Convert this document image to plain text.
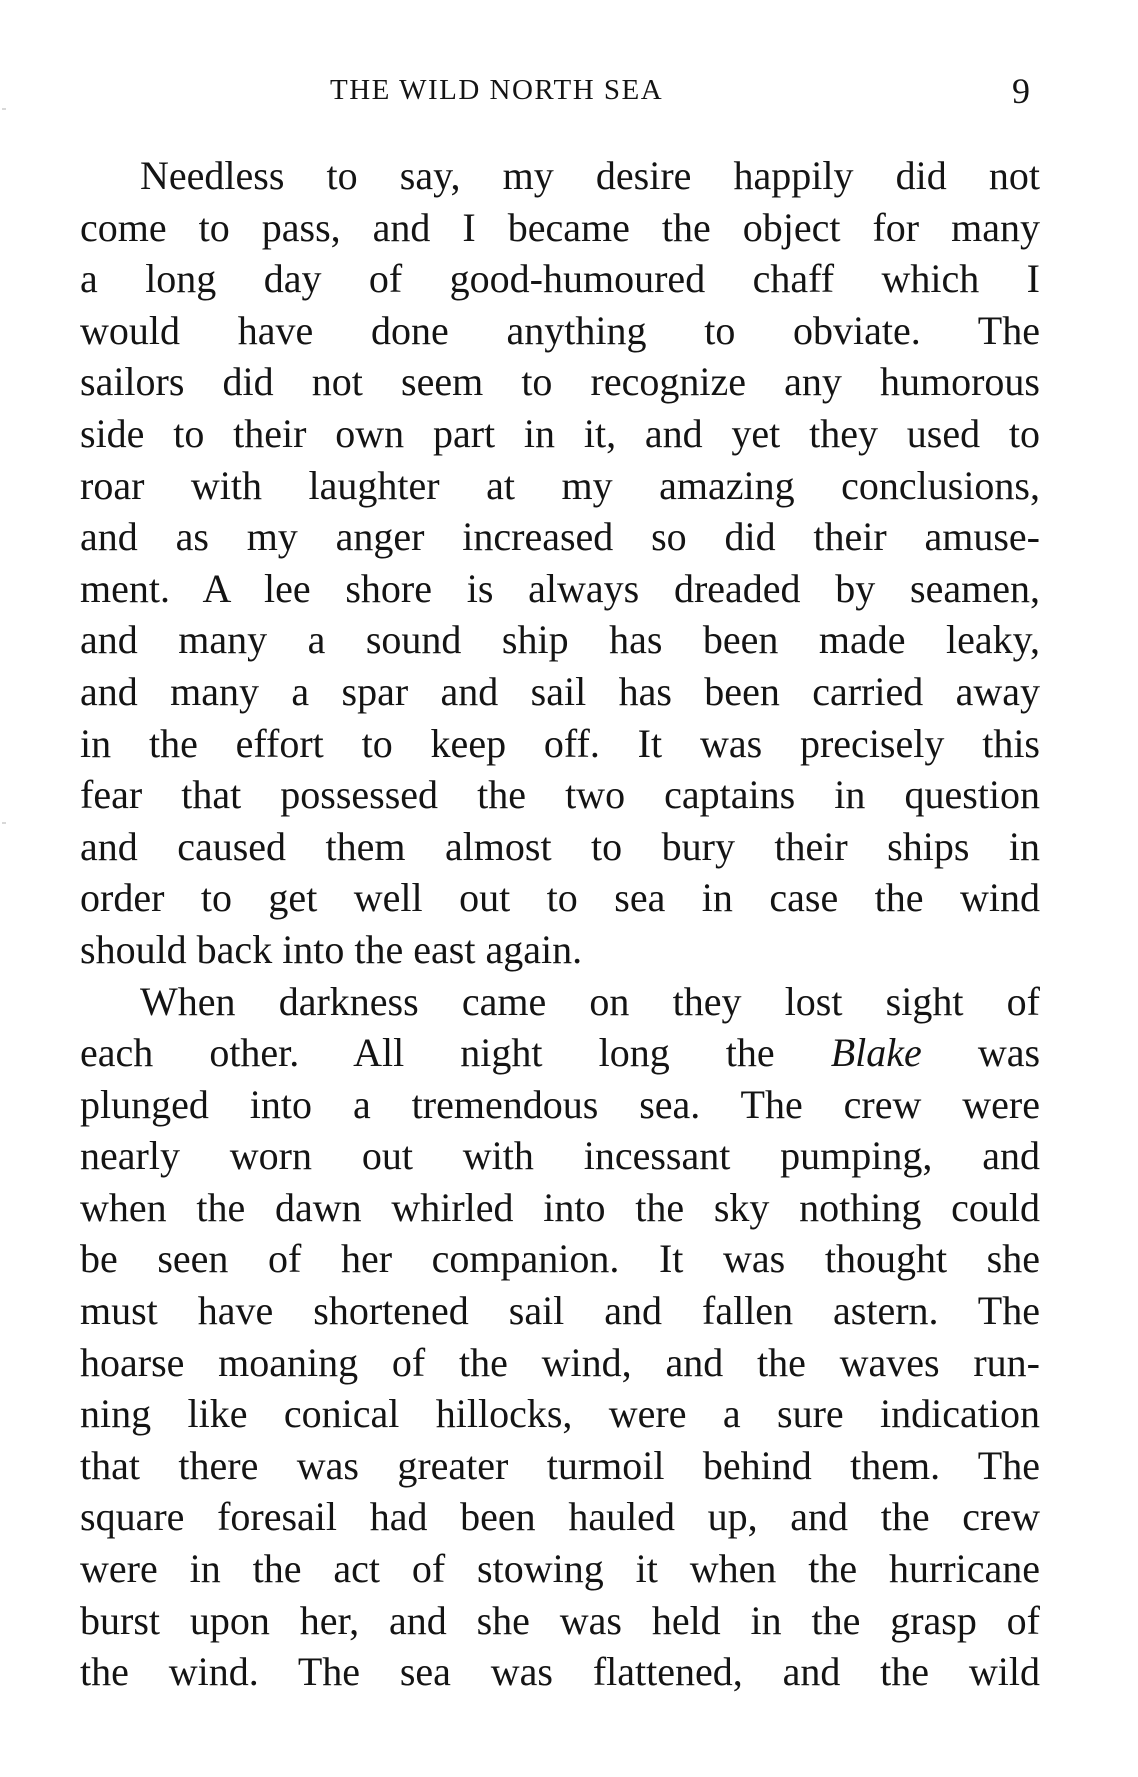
THE WILD NORTH SEA	9
Needless to say, my desire happily did not
come to pass, and I became the object for many
a long day of good-humoured chaff which I
would have done anything to obviate. The
sailors did not seem to recognize any humorous
side to their own part in it, and yet they used to
roar with laughter at my amazing conclusions,
and as my anger increased so did their amuse-
ment. A lee shore is always dreaded by seamen,
and many a sound ship has been made leaky,
and many a spar and sail has been carried away
in the effort to keep off. It was precisely this
fear that possessed the two captains in question
and caused them almost to bury their ships in
order to get well out to sea in case the wind
should back into the east again.
When darkness came on they lost sight of
each other. All night long the Blake was
plunged into a tremendous sea. The crew were
nearly worn out with incessant pumping, and
when the dawn whirled into the sky nothing could
be seen of her companion. It was thought she
must have shortened sail and fallen astern. The
hoarse moaning of the wind, and the waves run-
ning like conical hillocks, were a sure indication
that there was greater turmoil behind them. The
square foresail had been hauled up, and the crew
were in the act of stowing it when the hurricane
burst upon her, and she was held in the grasp of
the wind. The sea was flattened, and the wild
